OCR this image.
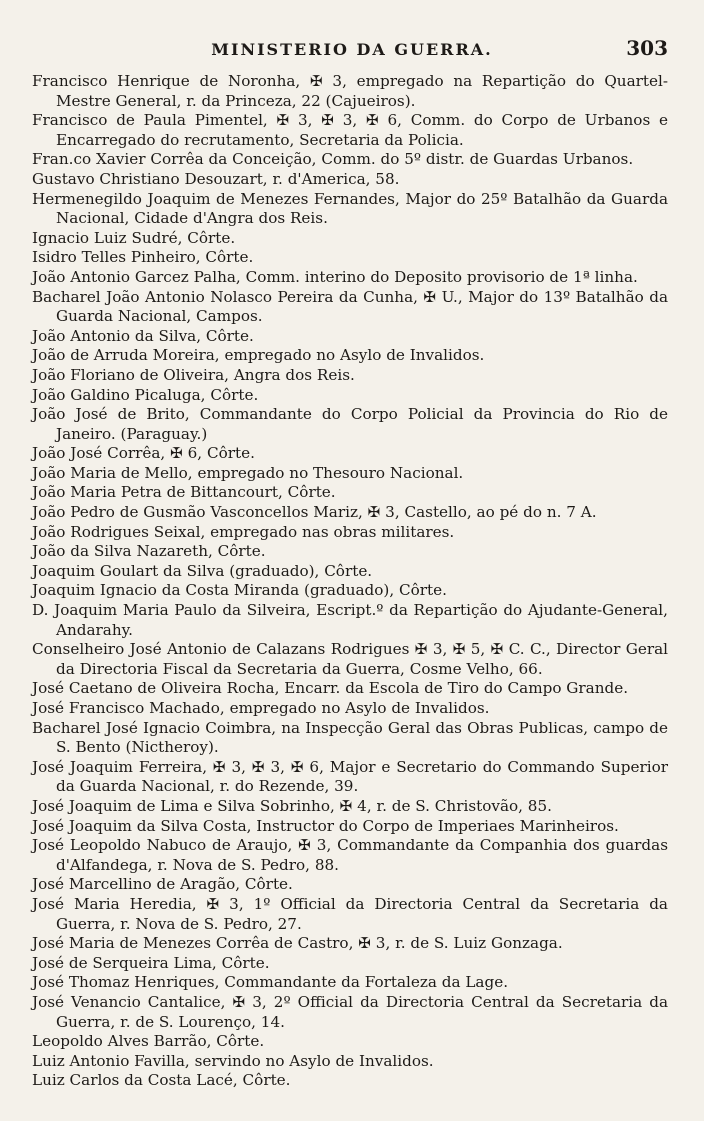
MINISTERIO DA GUERRA.	303

Francisco Henrique de Noronha, ✠ 3, empregado na Repartição do Quartel-Mestre General, r. da Princeza, 22 (Cajueiros).

Francisco de Paula Pimentel, ✠ 3, ✠ 3, ✠ 6, Comm. do Corpo de Urbanos e Encarregado do recrutamento, Secretaria da Policia.

Fran.co Xavier Corrêa da Conceição, Comm. do 5º distr. de Guardas Urbanos.

Gustavo Christiano Desouzart, r. d'America, 58.

Hermenegildo Joaquim de Menezes Fernandes, Major do 25º Batalhão da Guarda Nacional, Cidade d'Angra dos Reis.

Ignacio Luiz Sudré, Côrte.

Isidro Telles Pinheiro, Côrte.

João Antonio Garcez Palha, Comm. interino do Deposito provisorio de 1ª linha.

Bacharel João Antonio Nolasco Pereira da Cunha, ✠ U., Major do 13º Batalhão da Guarda Nacional, Campos.

João Antonio da Silva, Côrte.

João de Arruda Moreira, empregado no Asylo de Invalidos.

João Floriano de Oliveira, Angra dos Reis.

João Galdino Picaluga, Côrte.

João José de Brito, Commandante do Corpo Policial da Provincia do Rio de Janeiro. (Paraguay.)

João José Corrêa, ✠ 6, Côrte.

João Maria de Mello, empregado no Thesouro Nacional.

João Maria Petra de Bittancourt, Côrte.

João Pedro de Gusmão Vasconcellos Mariz, ✠ 3, Castello, ao pé do n. 7 A.

João Rodrigues Seixal, empregado nas obras militares.

João da Silva Nazareth, Côrte.

Joaquim Goulart da Silva (graduado), Côrte.

Joaquim Ignacio da Costa Miranda (graduado), Côrte.

D. Joaquim Maria Paulo da Silveira, Escript.º da Repartição do Ajudante-General, Andarahy.

Conselheiro José Antonio de Calazans Rodrigues ✠ 3, ✠ 5, ✠ C. C., Director Geral da Directoria Fiscal da Secretaria da Guerra, Cosme Velho, 66.

José Caetano de Oliveira Rocha, Encarr. da Escola de Tiro do Campo Grande.

José Francisco Machado, empregado no Asylo de Invalidos.

Bacharel José Ignacio Coimbra, na Inspecção Geral das Obras Publicas, campo de S. Bento (Nictheroy).

José Joaquim Ferreira, ✠ 3, ✠ 3, ✠ 6, Major e Secretario do Commando Superior da Guarda Nacional, r. do Rezende, 39.

José Joaquim de Lima e Silva Sobrinho, ✠ 4, r. de S. Christovão, 85.

José Joaquim da Silva Costa, Instructor do Corpo de Imperiaes Marinheiros.

José Leopoldo Nabuco de Araujo, ✠ 3, Commandante da Companhia dos guardas d'Alfandega, r. Nova de S. Pedro, 88.

José Marcellino de Aragão, Côrte.

José Maria Heredia, ✠ 3, 1º Official da Directoria Central da Secretaria da Guerra, r. Nova de S. Pedro, 27.

José Maria de Menezes Corrêa de Castro, ✠ 3, r. de S. Luiz Gonzaga.

José de Serqueira Lima, Côrte.

José Thomaz Henriques, Commandante da Fortaleza da Lage.

José Venancio Cantalice, ✠ 3, 2º Official da Directoria Central da Secretaria da Guerra, r. de S. Lourenço, 14.

Leopoldo Alves Barrão, Côrte.

Luiz Antonio Favilla, servindo no Asylo de Invalidos.

Luiz Carlos da Costa Lacé, Côrte.
